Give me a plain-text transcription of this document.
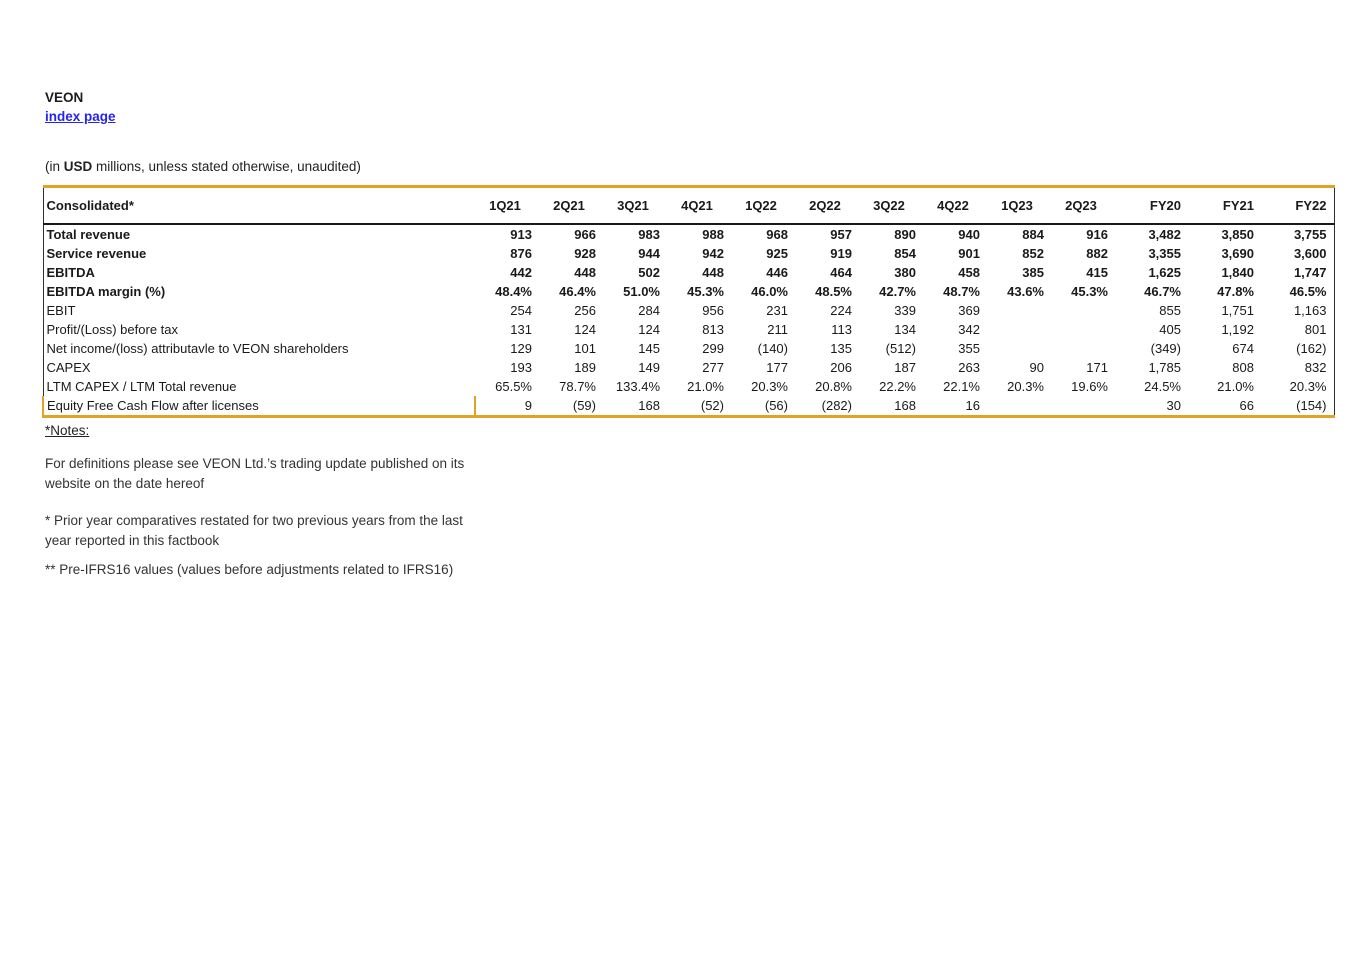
VEON
index page

(in USD millions, unless stated otherwise, unaudited)

Consolidated*	1Q21	2Q21	3Q21	4Q21	1Q22	2Q22	3Q22	4Q22	1Q23	2Q23	FY20	FY21	FY22
Total revenue	913	966	983	988	968	957	890	940	884	916	3,482	3,850	3,755
Service revenue	876	928	944	942	925	919	854	901	852	882	3,355	3,690	3,600
EBITDA	442	448	502	448	446	464	380	458	385	415	1,625	1,840	1,747
EBITDA margin (%)	48.4%	46.4%	51.0%	45.3%	46.0%	48.5%	42.7%	48.7%	43.6%	45.3%	46.7%	47.8%	46.5%
EBIT	254	256	284	956	231	224	339	369			855	1,751	1,163
Profit/(Loss) before tax	131	124	124	813	211	113	134	342			405	1,192	801
Net income/(loss) attributavle to VEON shareholders	129	101	145	299	(140)	135	(512)	355			(349)	674	(162)
CAPEX	193	189	149	277	177	206	187	263	90	171	1,785	808	832
LTM CAPEX / LTM Total revenue	65.5%	78.7%	133.4%	21.0%	20.3%	20.8%	22.2%	22.1%	20.3%	19.6%	24.5%	21.0%	20.3%
Equity Free Cash Flow after licenses	9	(59)	168	(52)	(56)	(282)	168	16			30	66	(154)
*Notes:

For definitions please see VEON Ltd.’s trading update published on its website on the date hereof

* Prior year comparatives restated for two previous years from the last year reported in this factbook

** Pre-IFRS16 values (values before adjustments related to IFRS16)
